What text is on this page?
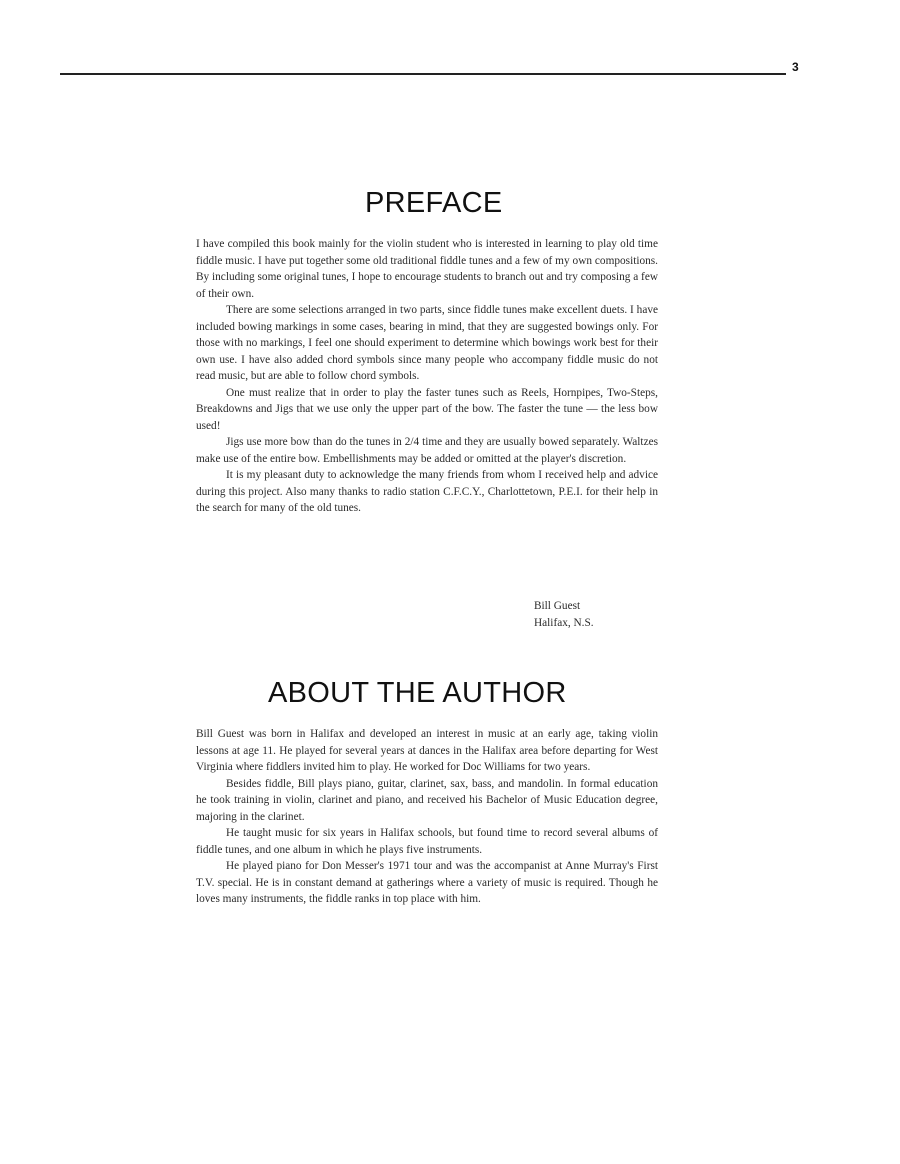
3
PREFACE

I have compiled this book mainly for the violin student who is interested in learning to play old time fiddle music. I have put together some old traditional fiddle tunes and a few of my own compositions. By including some original tunes, I hope to encourage students to branch out and try composing a few of their own.

There are some selections arranged in two parts, since fiddle tunes make excellent duets. I have included bowing markings in some cases, bearing in mind, that they are suggested bowings only. For those with no markings, I feel one should experiment to determine which bowings work best for their own use. I have also added chord symbols since many people who accompany fiddle music do not read music, but are able to follow chord symbols.

One must realize that in order to play the faster tunes such as Reels, Hornpipes, Two-Steps, Breakdowns and Jigs that we use only the upper part of the bow. The faster the tune — the less bow used!

Jigs use more bow than do the tunes in 2/4 time and they are usually bowed separately. Waltzes make use of the entire bow. Embellishments may be added or omitted at the player's discretion.

It is my pleasant duty to acknowledge the many friends from whom I received help and advice during this project. Also many thanks to radio station C.F.C.Y., Charlottetown, P.E.I. for their help in the search for many of the old tunes.

Bill Guest
Halifax, N.S.
ABOUT THE AUTHOR

Bill Guest was born in Halifax and developed an interest in music at an early age, taking violin lessons at age 11. He played for several years at dances in the Halifax area before departing for West Virginia where fiddlers invited him to play. He worked for Doc Williams for two years.

Besides fiddle, Bill plays piano, guitar, clarinet, sax, bass, and mandolin. In formal education he took training in violin, clarinet and piano, and received his Bachelor of Music Education degree, majoring in the clarinet.

He taught music for six years in Halifax schools, but found time to record several albums of fiddle tunes, and one album in which he plays five instruments.

He played piano for Don Messer's 1971 tour and was the accompanist at Anne Murray's First T.V. special. He is in constant demand at gatherings where a variety of music is required. Though he loves many instruments, the fiddle ranks in top place with him.
